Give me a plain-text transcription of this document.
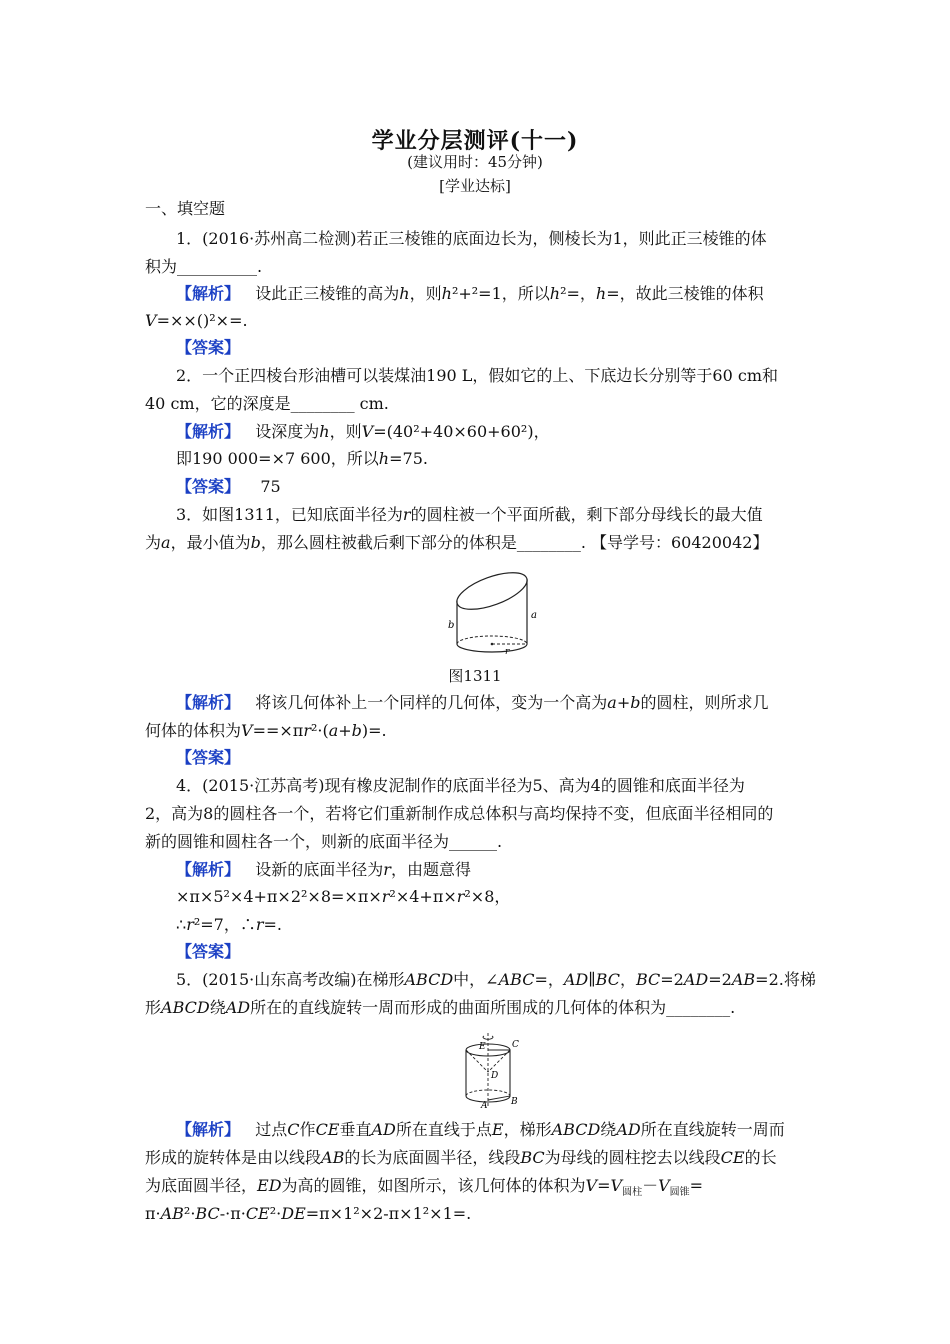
学业分层测评(十一)
(建议用时：45分钟)
[学业达标]
一、填空题
1．(2016·苏州高二检测)若正三棱锥的底面边长为，侧棱长为1，则此正三棱锥的体
积为__________.
【解析】 设此正三棱锥的高为h，则h²+²=1，所以h²=，h=，故此三棱锥的体积
V=××()²×=.
【答案】
2．一个正四棱台形油槽可以装煤油190 L，假如它的上、下底边长分别等于60 cm和
40 cm，它的深度是________ cm.
【解析】 设深度为h，则V=(40²+40×60+60²)，
即190 000=×7 600，所以h=75.
【答案】 75
3．如图1311，已知底面半径为r的圆柱被一个平面所截，剩下部分母线长的最大值
为a，最小值为b，那么圆柱被截后剩下部分的体积是________. 【导学号：60420042】
b
a
r
图1311
【解析】 将该几何体补上一个同样的几何体，变为一个高为a+b的圆柱，则所求几
何体的体积为V==×πr²·(a+b)=.
【答案】
4．(2015·江苏高考)现有橡皮泥制作的底面半径为5、高为4的圆锥和底面半径为
2，高为8的圆柱各一个，若将它们重新制作成总体积与高均保持不变，但底面半径相同的
新的圆锥和圆柱各一个，则新的底面半径为______.
【解析】 设新的底面半径为r，由题意得
×π×5²×4+π×2²×8=×π×r²×4+π×r²×8，
∴r²=7，∴r=.
【答案】
5．(2015·山东高考改编)在梯形ABCD中，∠ABC=，AD∥BC，BC=2AD=2AB=2.将梯
形ABCD绕AD所在的直线旋转一周而形成的曲面所围成的几何体的体积为________.
E	C
D
A	B
【解析】 过点C作CE垂直AD所在直线于点E，梯形ABCD绕AD所在直线旋转一周而
形成的旋转体是由以线段AB的长为底面圆半径，线段BC为母线的圆柱挖去以线段CE的长
为底面圆半径，ED为高的圆锥，如图所示，该几何体的体积为$V=V_{圆柱}-V_{圆锥}=$
π·AB²·BC-·π·CE²·DE=π×1²×2-π×1²×1=.
